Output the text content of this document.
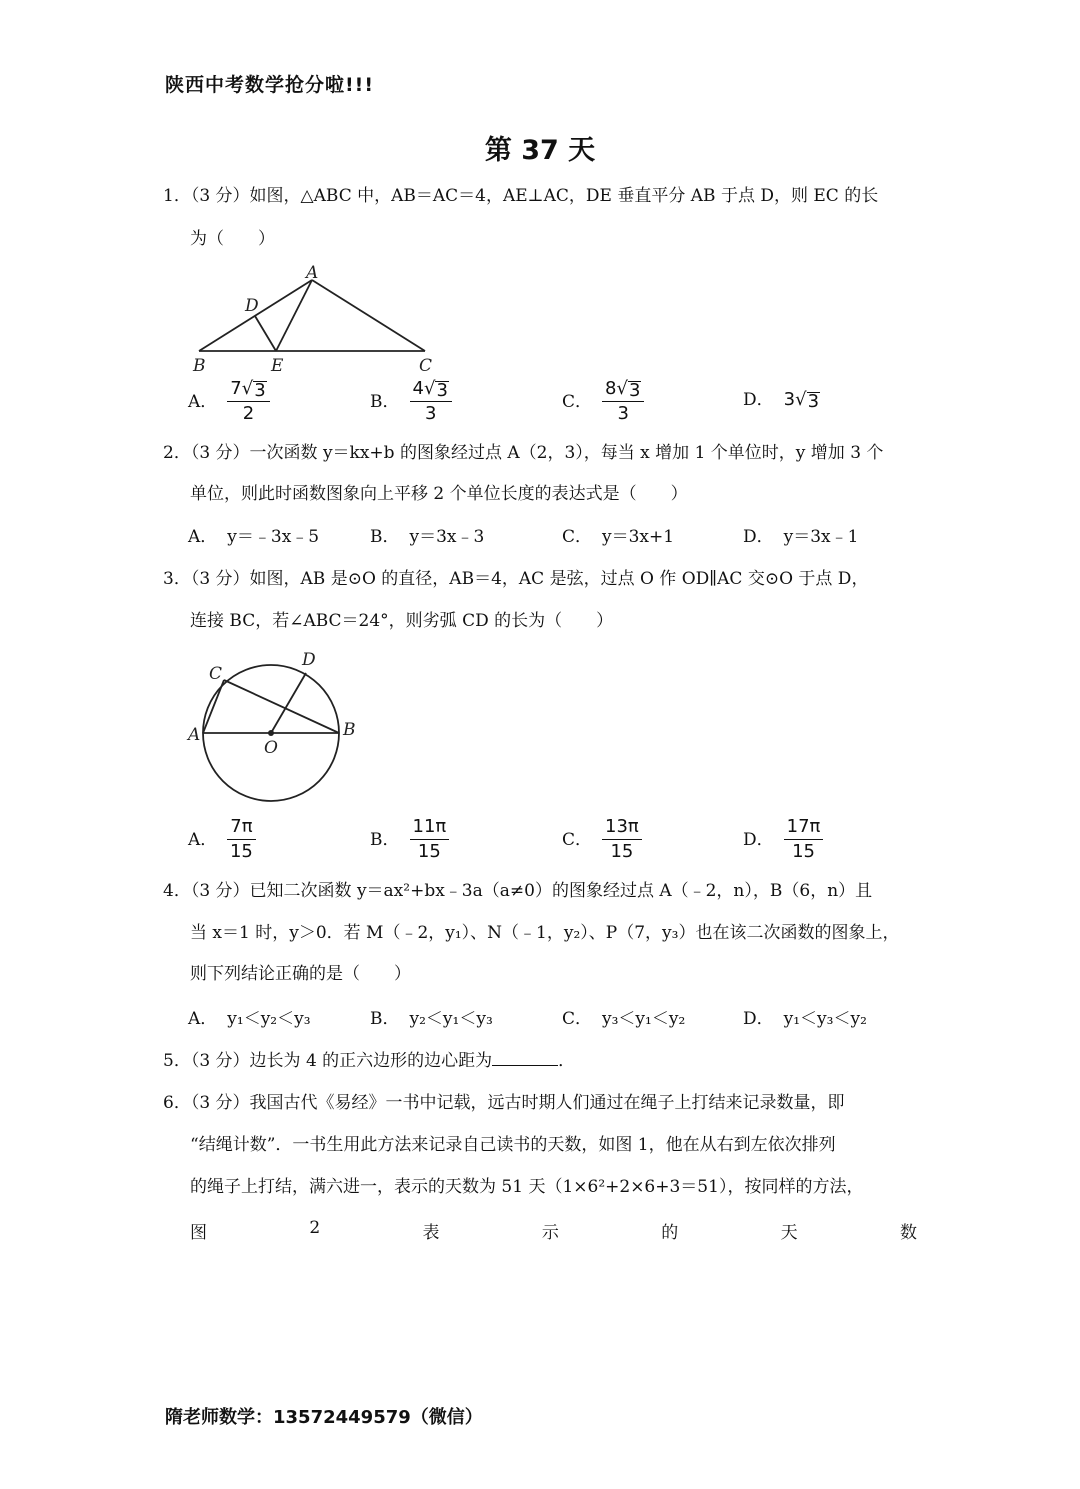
陕西中考数学抢分啦!!!
第 37 天
1．（3 分）如图，△ABC 中，AB＝AC＝4，AE⊥AC，DE 垂直平分 AB 于点 D，则 EC 的长
为（　　）
A
D
B	E	C
A． $\frac{7 √ 3}{2}$	B． $\frac{4 √ 3}{3}$	C． $\frac{8 √ 3}{3}$	D． 3 √ 3
2．（3 分）一次函数 y＝kx+b 的图象经过点 A（2，3），每当 x 增加 1 个单位时，y 增加 3 个
单位，则此时函数图象向上平移 2 个单位长度的表达式是（　　）
A． y＝﹣3x﹣5	B． y＝3x﹣3	C． y＝3x+1	D． y＝3x﹣1
3．（3 分）如图，AB 是⊙O 的直径，AB＝4，AC 是弦，过点 O 作 OD∥AC 交⊙O 于点 D，
连接 BC，若∠ABC＝24°，则劣弧 CD 的长为（　　）
C
D
A	B
O
A． $\frac{7\pi}{15}$	B． $\frac{11\pi}{15}$	C． $\frac{13\pi}{15}$	D． $\frac{17\pi}{15}$
4．（3 分）已知二次函数 y＝ax²+bx﹣3a（a≠0）的图象经过点 A（﹣2，n），B（6，n）且
当 x＝1 时，y＞0．若 M（﹣2，y₁）、N（﹣1，y₂）、P（7，y₃）也在该二次函数的图象上，
则下列结论正确的是（　　）
A． y₁＜y₂＜y₃	B． y₂＜y₁＜y₃	C． y₃＜y₁＜y₂	D． y₁＜y₃＜y₂
5．（3 分）边长为 4 的正六边形的边心距为	．
6．（3 分）我国古代《易经》一书中记载，远古时期人们通过在绳子上打结来记录数量，即
“结绳计数”．一书生用此方法来记录自己读书的天数，如图 1，他在从右到左依次排列
的绳子上打结，满六进一，表示的天数为 51 天（1×6²+2×6+3＝51），按同样的方法，
图	2	表	示	的	天	数
隋老师数学：13572449579（微信）
